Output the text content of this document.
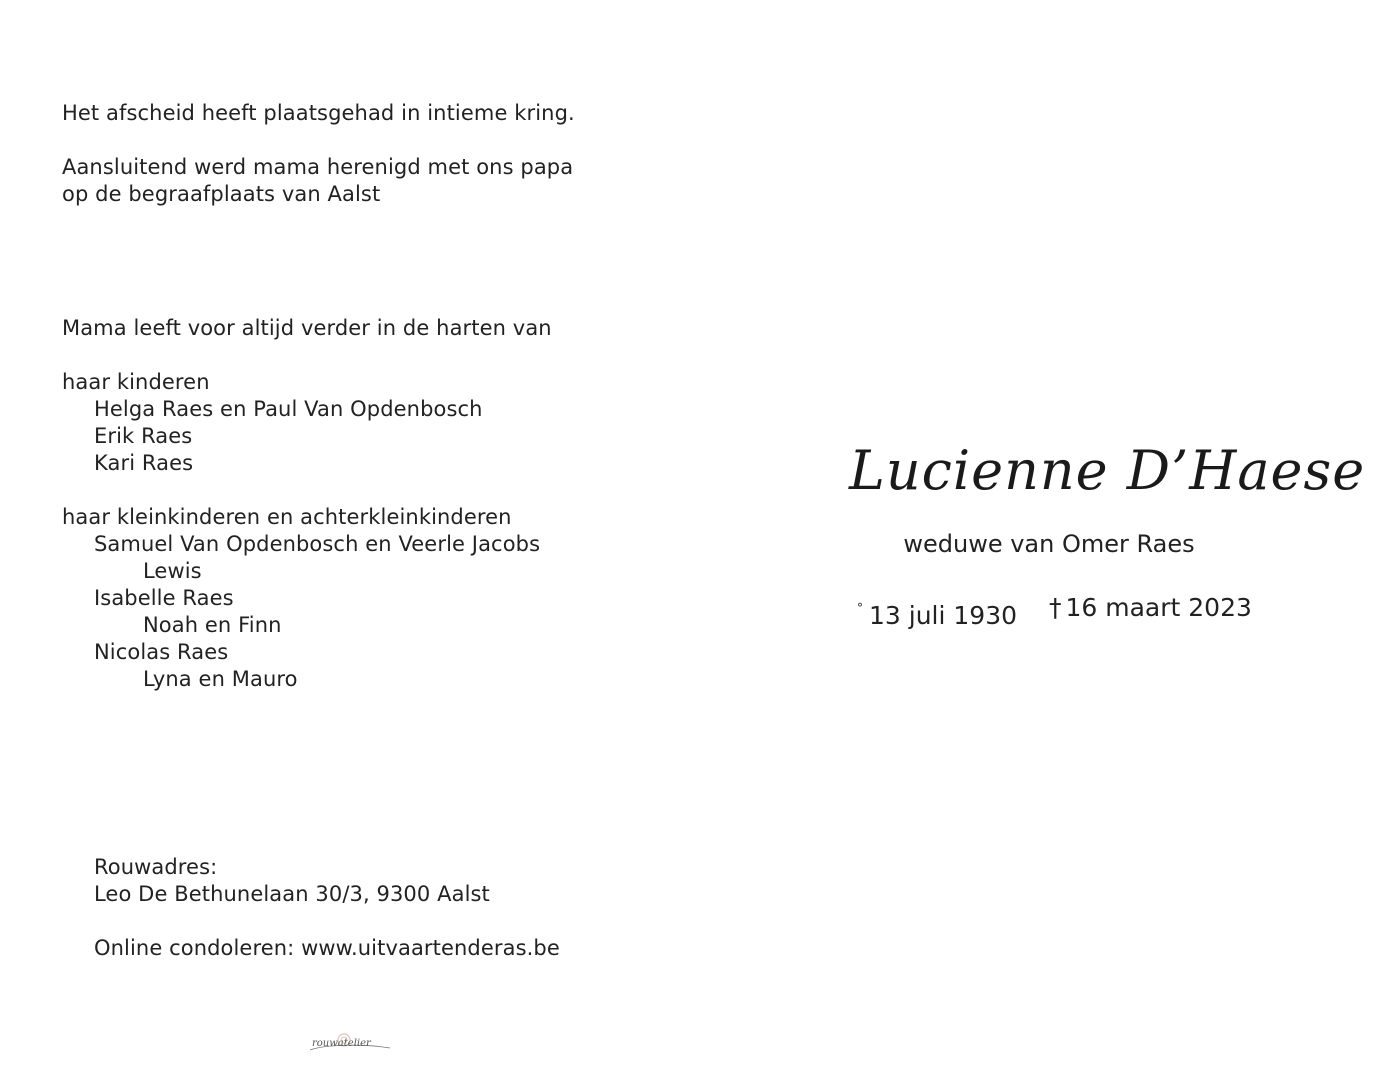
Het afscheid heeft plaatsgehad in intieme kring.
Aansluitend werd mama herenigd met ons papa
op de begraafplaats van Aalst
Mama leeft voor altijd verder in de harten van
haar kinderen
Helga Raes en Paul Van Opdenbosch
Erik Raes
Kari Raes
haar kleinkinderen en achterkleinkinderen
Samuel Van Opdenbosch en Veerle Jacobs
Lewis
Isabelle Raes
Noah en Finn
Nicolas Raes
Lyna en Mauro
Rouwadres:
Leo De Bethunelaan 30/3, 9300 Aalst
Online condoleren: www.uitvaartenderas.be
rouwatelier
Lucienne D’Haese
weduwe van Omer Raes
° 13 juli 1930 † 16 maart 2023
